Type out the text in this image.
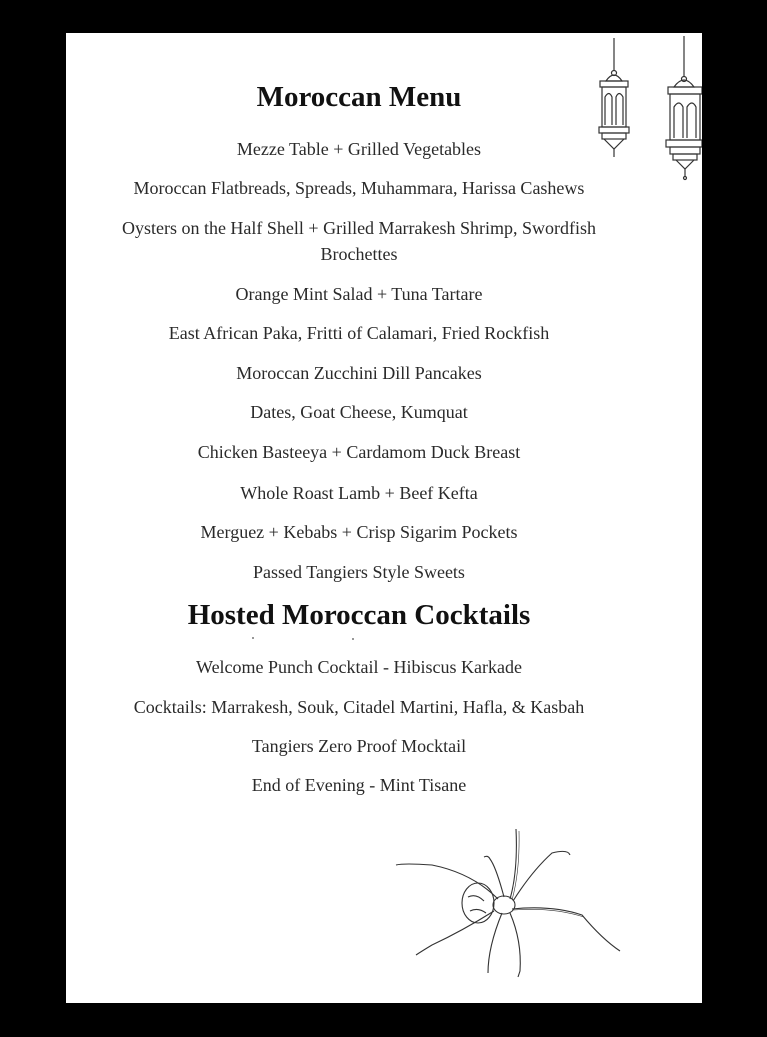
Moroccan Menu
Mezze Table + Grilled Vegetables
Moroccan Flatbreads, Spreads, Muhammara, Harissa Cashews
Oysters on the Half Shell + Grilled Marrakesh Shrimp, Swordfish Brochettes
Orange Mint Salad + Tuna Tartare
East African Paka, Fritti of Calamari, Fried Rockfish
Moroccan Zucchini Dill Pancakes
Dates, Goat Cheese, Kumquat
Chicken Basteeya + Cardamom Duck Breast
Whole Roast Lamb + Beef Kefta
Merguez + Kebabs + Crisp Sigarim Pockets
Passed Tangiers Style Sweets
Hosted Moroccan Cocktails
Welcome Punch Cocktail - Hibiscus Karkade
Cocktails: Marrakesh, Souk, Citadel Martini, Hafla, & Kasbah
Tangiers Zero Proof Mocktail
End of Evening - Mint Tisane
